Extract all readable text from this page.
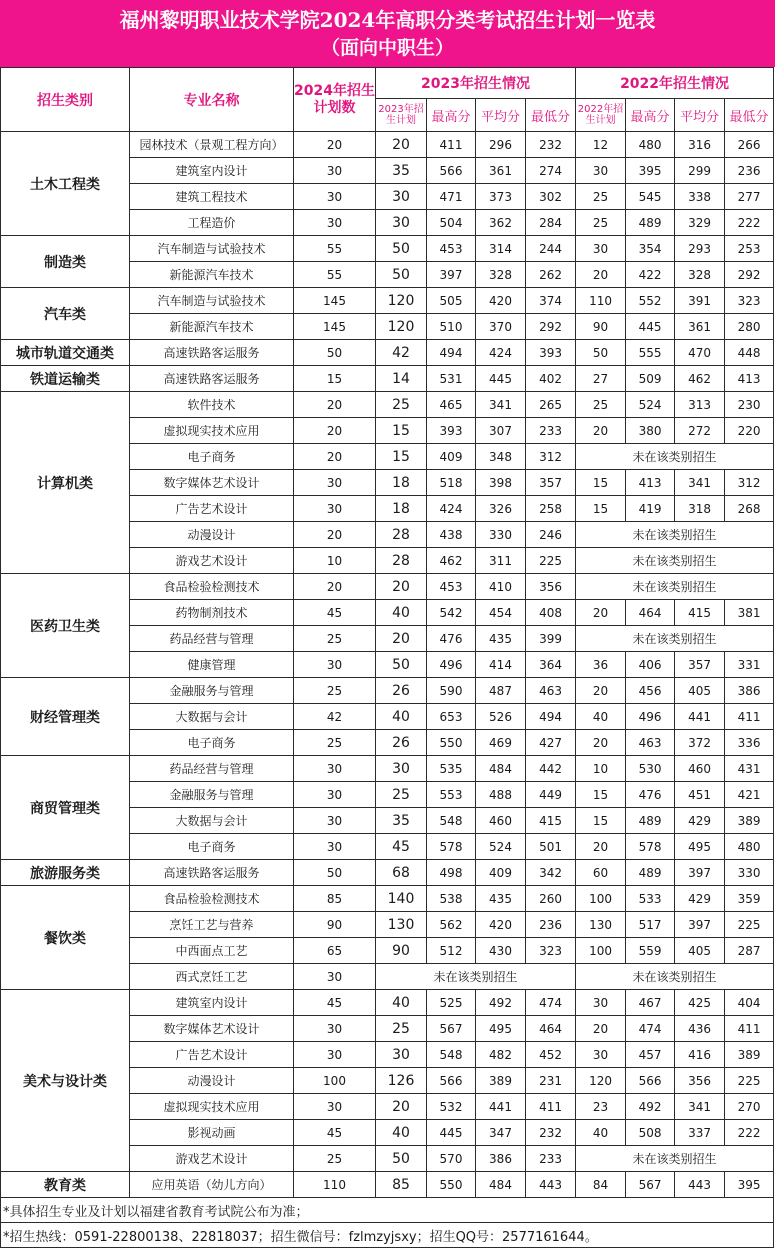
福州黎明职业技术学院2024年高职分类考试招生计划一览表
（面向中职生）
招生类别	专业名称	2024年招生计划数	2023年招生情况				2022年招生情况			
			2023年招生计划	最高分	平均分	最低分	2022年招生计划	最高分	平均分	最低分
土木工程类	园林技术（景观工程方向）	20	20	411	296	232	12	480	316	266
	建筑室内设计	30	35	566	361	274	30	395	299	236
	建筑工程技术	30	30	471	373	302	25	545	338	277
	工程造价	30	30	504	362	284	25	489	329	222
制造类	汽车制造与试验技术	55	50	453	314	244	30	354	293	253
	新能源汽车技术	55	50	397	328	262	20	422	328	292
汽车类	汽车制造与试验技术	145	120	505	420	374	110	552	391	323
	新能源汽车技术	145	120	510	370	292	90	445	361	280
城市轨道交通类	高速铁路客运服务	50	42	494	424	393	50	555	470	448
铁道运输类	高速铁路客运服务	15	14	531	445	402	27	509	462	413
计算机类	软件技术	20	25	465	341	265	25	524	313	230
	虚拟现实技术应用	20	15	393	307	233	20	380	272	220
	电子商务	20	15	409	348	312	未在该类别招生			
	数字媒体艺术设计	30	18	518	398	357	15	413	341	312
	广告艺术设计	30	18	424	326	258	15	419	318	268
	动漫设计	20	28	438	330	246	未在该类别招生			
	游戏艺术设计	10	28	462	311	225	未在该类别招生			
医药卫生类	食品检验检测技术	20	20	453	410	356	未在该类别招生			
	药物制剂技术	45	40	542	454	408	20	464	415	381
	药品经营与管理	25	20	476	435	399	未在该类别招生			
	健康管理	30	50	496	414	364	36	406	357	331
财经管理类	金融服务与管理	25	26	590	487	463	20	456	405	386
	大数据与会计	42	40	653	526	494	40	496	441	411
	电子商务	25	26	550	469	427	20	463	372	336
商贸管理类	药品经营与管理	30	30	535	484	442	10	530	460	431
	金融服务与管理	30	25	553	488	449	15	476	451	421
	大数据与会计	30	35	548	460	415	15	489	429	389
	电子商务	30	45	578	524	501	20	578	495	480
旅游服务类	高速铁路客运服务	50	68	498	409	342	60	489	397	330
餐饮类	食品检验检测技术	85	140	538	435	260	100	533	429	359
	烹饪工艺与营养	90	130	562	420	236	130	517	397	225
	中西面点工艺	65	90	512	430	323	100	559	405	287
	西式烹饪工艺	30	未在该类别招生				未在该类别招生			
美术与设计类	建筑室内设计	45	40	525	492	474	30	467	425	404
	数字媒体艺术设计	30	25	567	495	464	20	474	436	411
	广告艺术设计	30	30	548	482	452	30	457	416	389
	动漫设计	100	126	566	389	231	120	566	356	225
	虚拟现实技术应用	30	20	532	441	411	23	492	341	270
	影视动画	45	40	445	347	232	40	508	337	222
	游戏艺术设计	25	50	570	386	233	未在该类别招生			
教育类	应用英语（幼儿方向）	110	85	550	484	443	84	567	443	395
*具体招生专业及计划以福建省教育考试院公布为准；										
*招生热线：0591-22800138、22818037；招生微信号：fzlmzyjsxy；招生QQ号：2577161644。										
